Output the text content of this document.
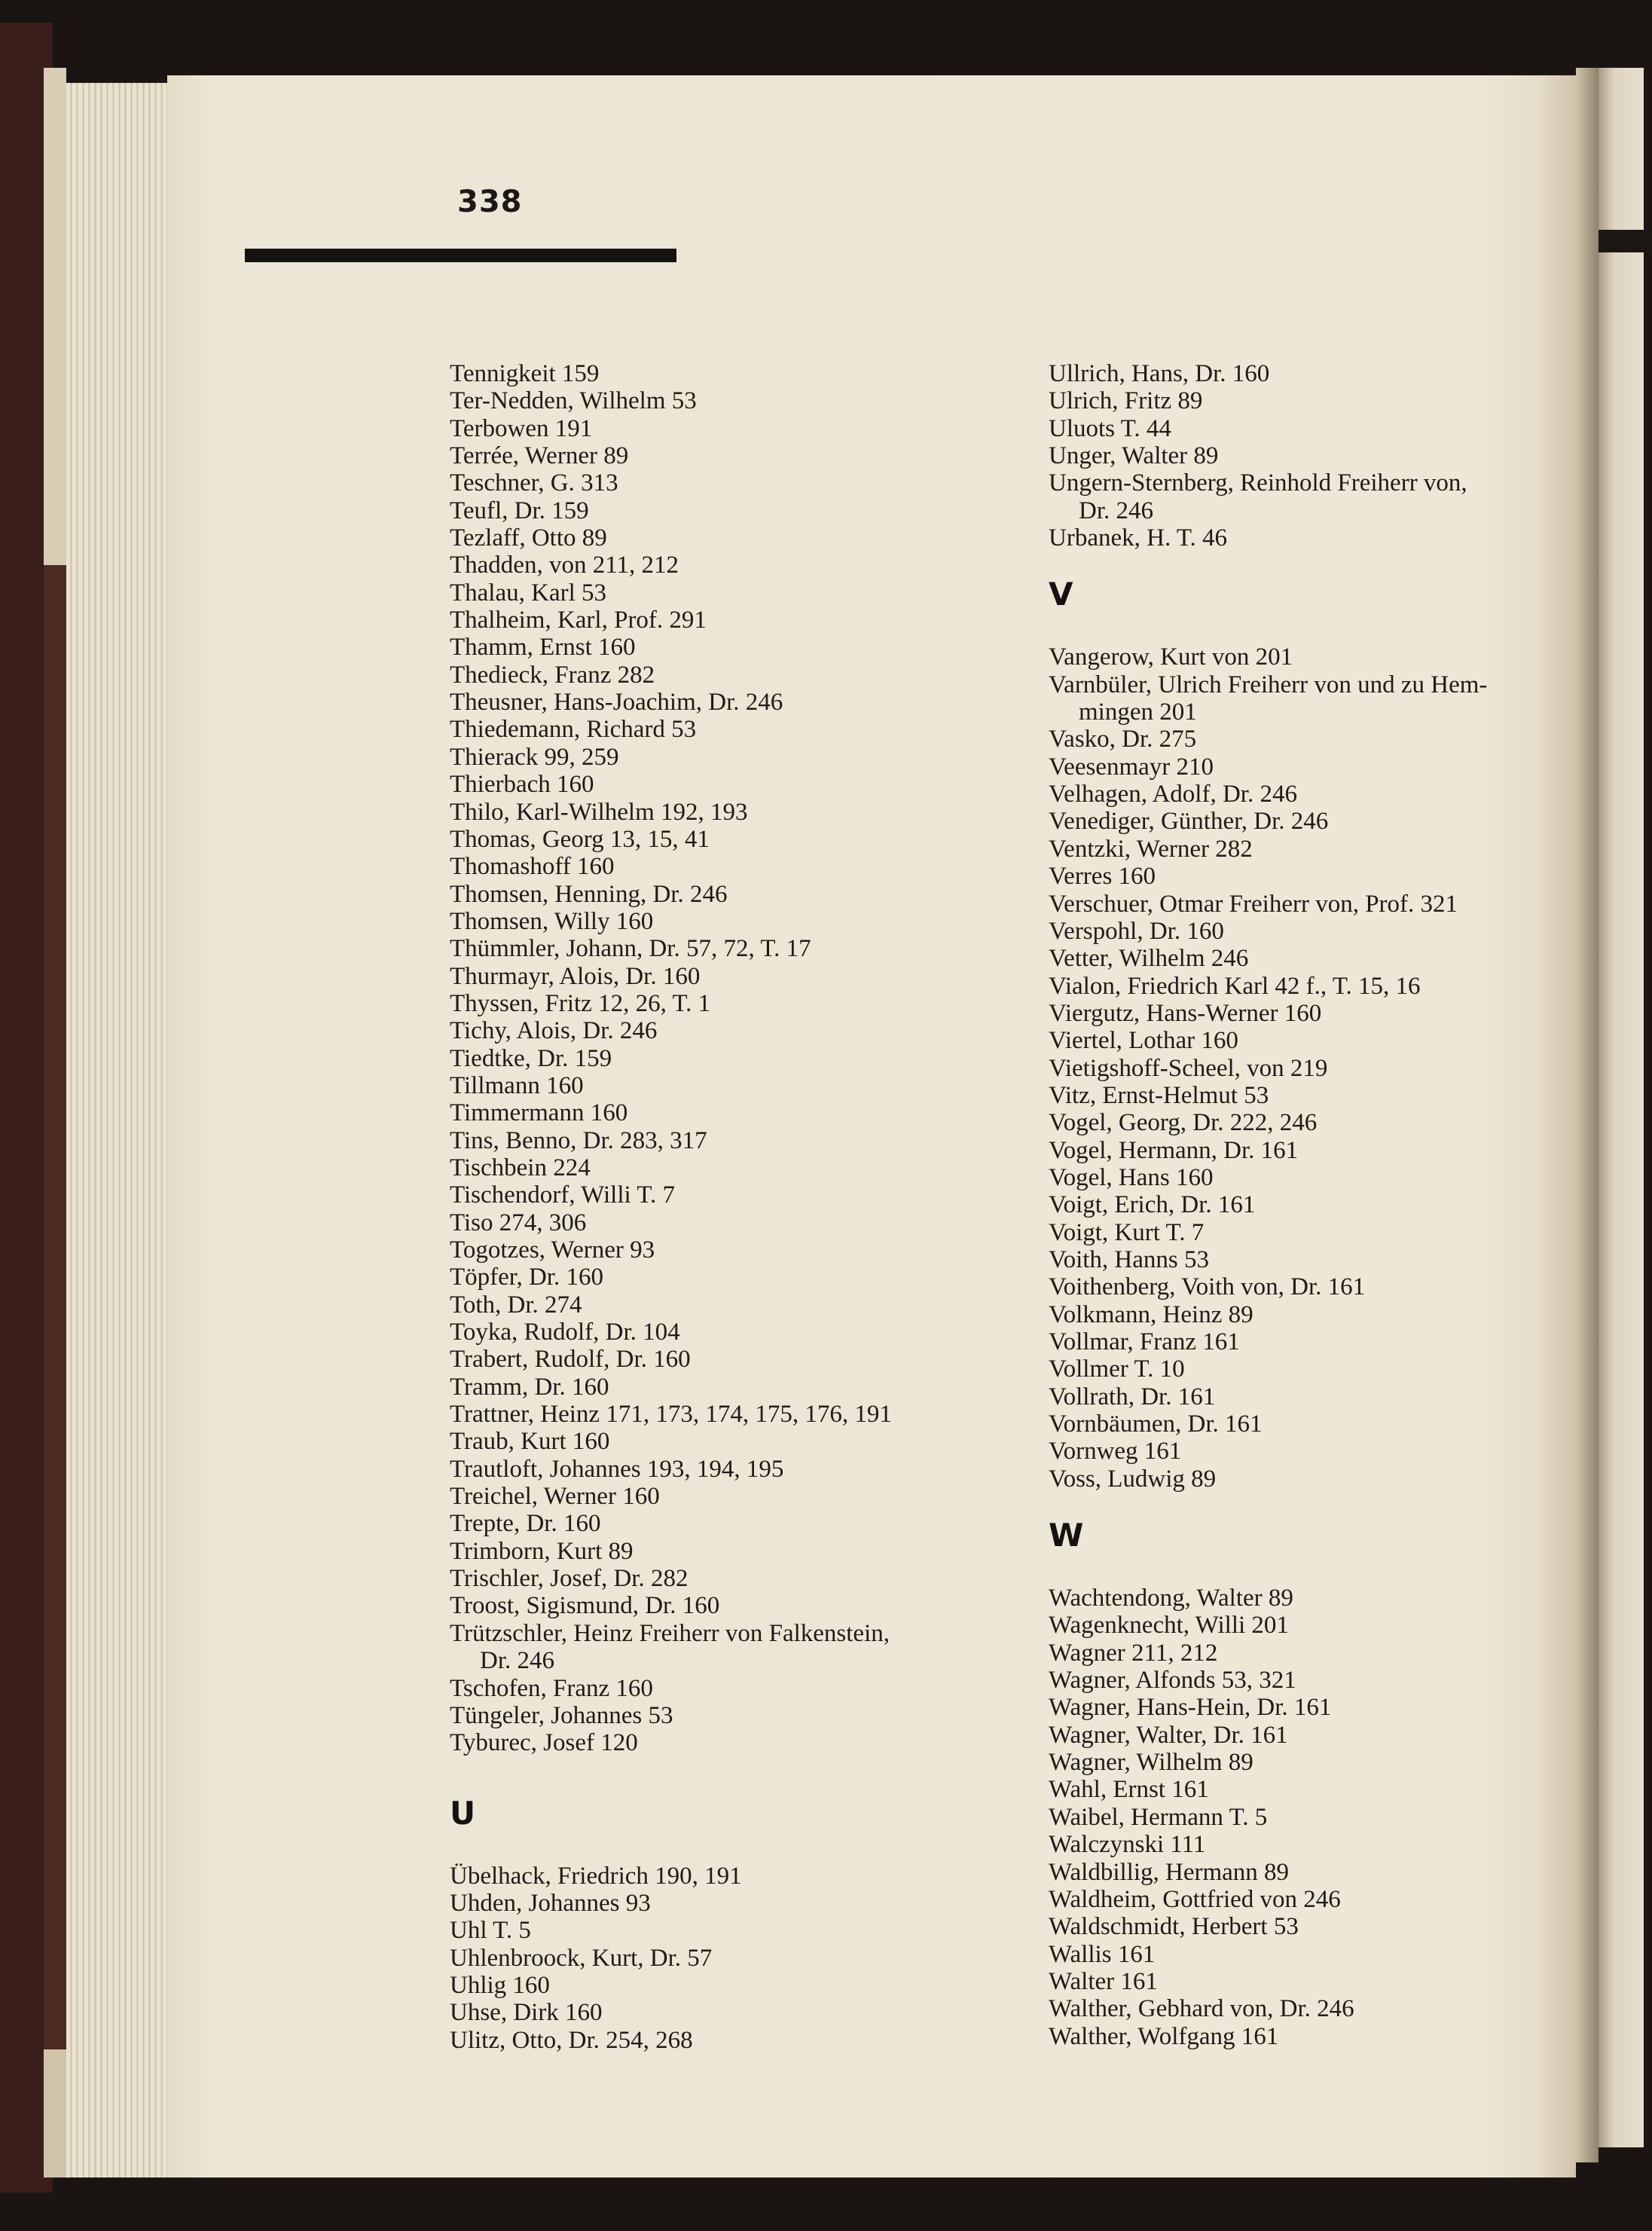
338
Tennigkeit 159
Ter-Nedden, Wilhelm 53
Terbowen 191
Terrée, Werner 89
Teschner, G. 313
Teufl, Dr. 159
Tezlaff, Otto 89
Thadden, von 211, 212
Thalau, Karl 53
Thalheim, Karl, Prof. 291
Thamm, Ernst 160
Thedieck, Franz 282
Theusner, Hans-Joachim, Dr. 246
Thiedemann, Richard 53
Thierack 99, 259
Thierbach 160
Thilo, Karl-Wilhelm 192, 193
Thomas, Georg 13, 15, 41
Thomashoff 160
Thomsen, Henning, Dr. 246
Thomsen, Willy 160
Thümmler, Johann, Dr. 57, 72, T. 17
Thurmayr, Alois, Dr. 160
Thyssen, Fritz 12, 26, T. 1
Tichy, Alois, Dr. 246
Tiedtke, Dr. 159
Tillmann 160
Timmermann 160
Tins, Benno, Dr. 283, 317
Tischbein 224
Tischendorf, Willi T. 7
Tiso 274, 306
Togotzes, Werner 93
Töpfer, Dr. 160
Toth, Dr. 274
Toyka, Rudolf, Dr. 104
Trabert, Rudolf, Dr. 160
Tramm, Dr. 160
Trattner, Heinz 171, 173, 174, 175, 176, 191
Traub, Kurt 160
Trautloft, Johannes 193, 194, 195
Treichel, Werner 160
Trepte, Dr. 160
Trimborn, Kurt 89
Trischler, Josef, Dr. 282
Troost, Sigismund, Dr. 160
Trützschler, Heinz Freiherr von Falkenstein,
Dr. 246
Tschofen, Franz 160
Tüngeler, Johannes 53
Tyburec, Josef 120
U
Übelhack, Friedrich 190, 191
Uhden, Johannes 93
Uhl T. 5
Uhlenbroock, Kurt, Dr. 57
Uhlig 160
Uhse, Dirk 160
Ulitz, Otto, Dr. 254, 268
Ullrich, Hans, Dr. 160
Ulrich, Fritz 89
Uluots T. 44
Unger, Walter 89
Ungern-Sternberg, Reinhold Freiherr von,
Dr. 246
Urbanek, H. T. 46
V
Vangerow, Kurt von 201
Varnbüler, Ulrich Freiherr von und zu Hem-
mingen 201
Vasko, Dr. 275
Veesenmayr 210
Velhagen, Adolf, Dr. 246
Venediger, Günther, Dr. 246
Ventzki, Werner 282
Verres 160
Verschuer, Otmar Freiherr von, Prof. 321
Verspohl, Dr. 160
Vetter, Wilhelm 246
Vialon, Friedrich Karl 42 f., T. 15, 16
Viergutz, Hans-Werner 160
Viertel, Lothar 160
Vietigshoff-Scheel, von 219
Vitz, Ernst-Helmut 53
Vogel, Georg, Dr. 222, 246
Vogel, Hermann, Dr. 161
Vogel, Hans 160
Voigt, Erich, Dr. 161
Voigt, Kurt T. 7
Voith, Hanns 53
Voithenberg, Voith von, Dr. 161
Volkmann, Heinz 89
Vollmar, Franz 161
Vollmer T. 10
Vollrath, Dr. 161
Vornbäumen, Dr. 161
Vornweg 161
Voss, Ludwig 89
W
Wachtendong, Walter 89
Wagenknecht, Willi 201
Wagner 211, 212
Wagner, Alfonds 53, 321
Wagner, Hans-Hein, Dr. 161
Wagner, Walter, Dr. 161
Wagner, Wilhelm 89
Wahl, Ernst 161
Waibel, Hermann T. 5
Walczynski 111
Waldbillig, Hermann 89
Waldheim, Gottfried von 246
Waldschmidt, Herbert 53
Wallis 161
Walter 161
Walther, Gebhard von, Dr. 246
Walther, Wolfgang 161
